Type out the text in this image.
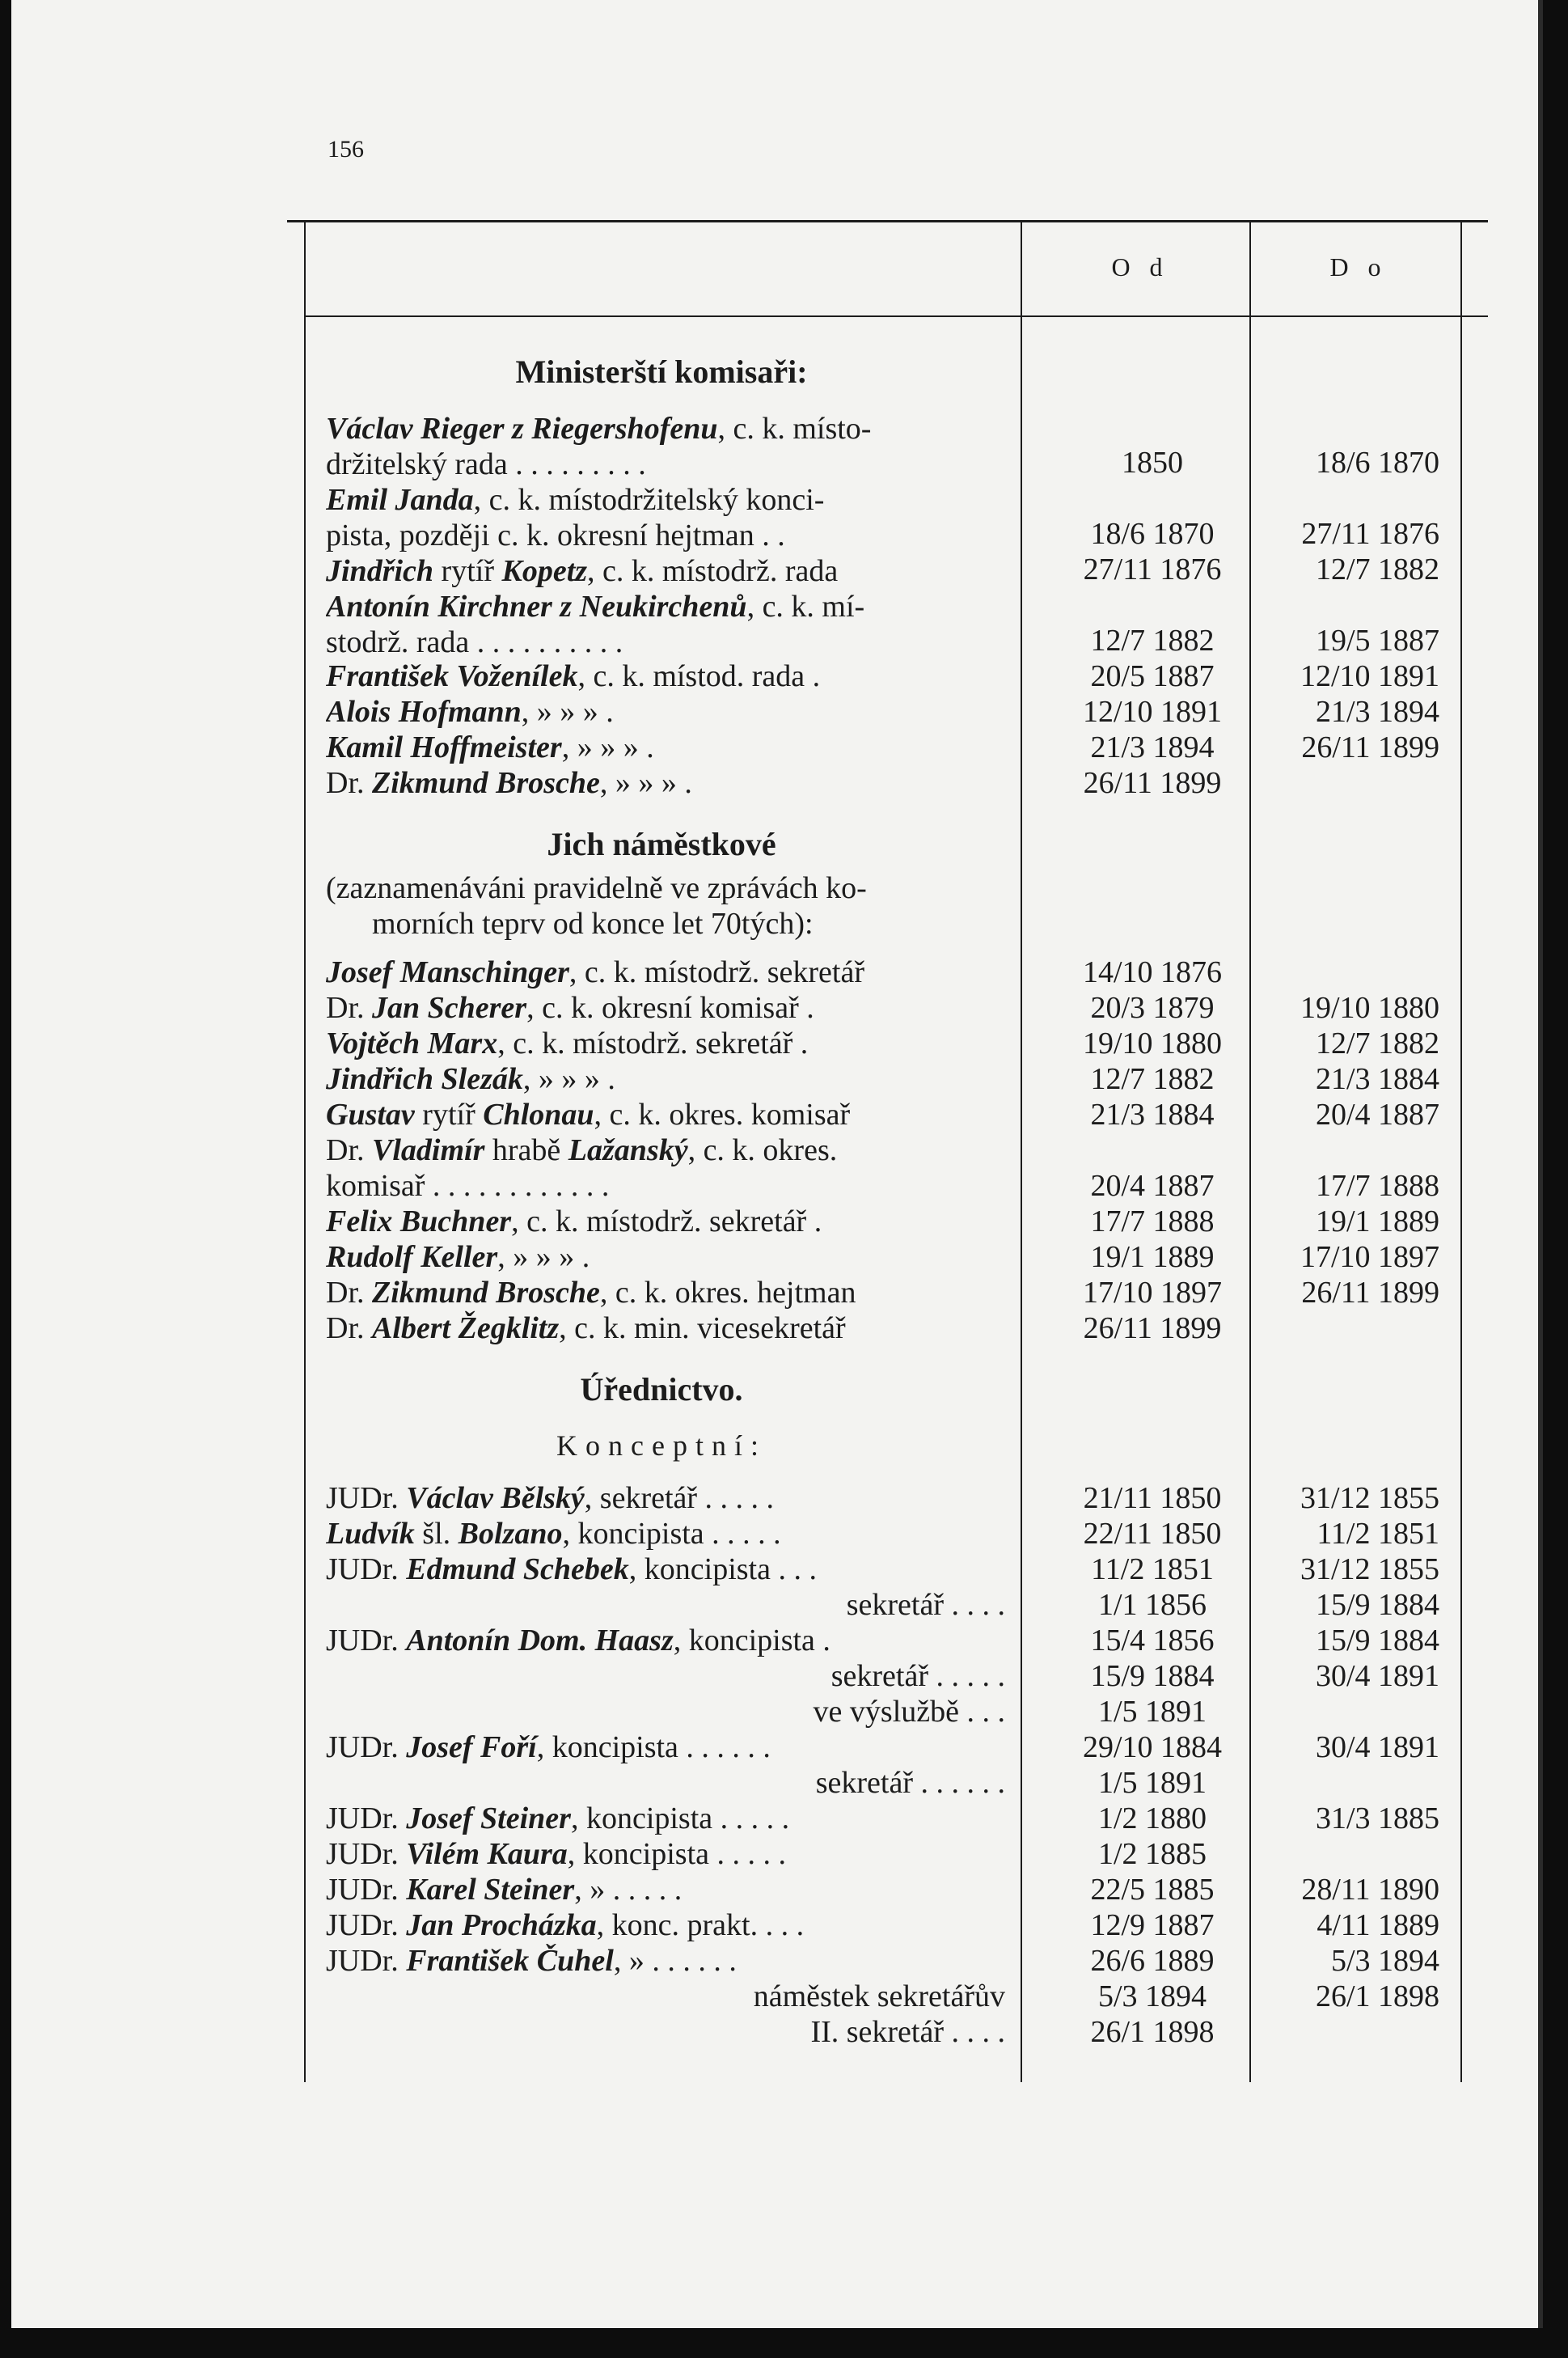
156
O d	D o
Ministerští komisaři:
Václav Rieger z Riegershofenu, c. k. místo-
držitelský rada . . . . . . . . .	1850	18/6 1870
Emil Janda, c. k. místodržitelský konci-
pista, později c. k. okresní hejtman . .	18/6 1870	27/11 1876
Jindřich rytíř Kopetz, c. k. místodrž. rada	27/11 1876	12/7 1882
Antonín Kirchner z Neukirchenů, c. k. mí-
stodrž. rada . . . . . . . . . .	12/7 1882	19/5 1887
František Voženílek, c. k. místod. rada .	20/5 1887	12/10 1891
Alois Hofmann, » » » .	12/10 1891	21/3 1894
Kamil Hoffmeister, » » » .	21/3 1894	26/11 1899
Dr. Zikmund Brosche, » » » .	26/11 1899
Jich náměstkové
(zaznamenáváni pravidelně ve zprávách ko-
morních teprv od konce let 70tých):
Josef Manschinger, c. k. místodrž. sekretář	14/10 1876
Dr. Jan Scherer, c. k. okresní komisař .	20/3 1879	19/10 1880
Vojtěch Marx, c. k. místodrž. sekretář .	19/10 1880	12/7 1882
Jindřich Slezák, » » » .	12/7 1882	21/3 1884
Gustav rytíř Chlonau, c. k. okres. komisař	21/3 1884	20/4 1887
Dr. Vladimír hrabě Lažanský, c. k. okres.
komisař . . . . . . . . . . . .	20/4 1887	17/7 1888
Felix Buchner, c. k. místodrž. sekretář .	17/7 1888	19/1 1889
Rudolf Keller, » » » .	19/1 1889	17/10 1897
Dr. Zikmund Brosche, c. k. okres. hejtman	17/10 1897	26/11 1899
Dr. Albert Žegklitz, c. k. min. vicesekretář	26/11 1899
Úřednictvo.
Konceptní:
JUDr. Václav Bělský, sekretář . . . . .	21/11 1850	31/12 1855
Ludvík šl. Bolzano, koncipista . . . . .	22/11 1850	11/2 1851
JUDr. Edmund Schebek, koncipista . . .	11/2 1851	31/12 1855
sekretář . . . .	1/1 1856	15/9 1884
JUDr. Antonín Dom. Haasz, koncipista .	15/4 1856	15/9 1884
sekretář . . . . .	15/9 1884	30/4 1891
ve výslužbě . . .	1/5 1891
JUDr. Josef Foří, koncipista . . . . . .	29/10 1884	30/4 1891
sekretář . . . . . .	1/5 1891
JUDr. Josef Steiner, koncipista . . . . .	1/2 1880	31/3 1885
JUDr. Vilém Kaura, koncipista . . . . .	1/2 1885
JUDr. Karel Steiner, » . . . . .	22/5 1885	28/11 1890
JUDr. Jan Procházka, konc. prakt. . . .	12/9 1887	4/11 1889
JUDr. František Čuhel, » . . . . . .	26/6 1889	5/3 1894
náměstek sekretářův	5/3 1894	26/1 1898
II. sekretář . . . .	26/1 1898
